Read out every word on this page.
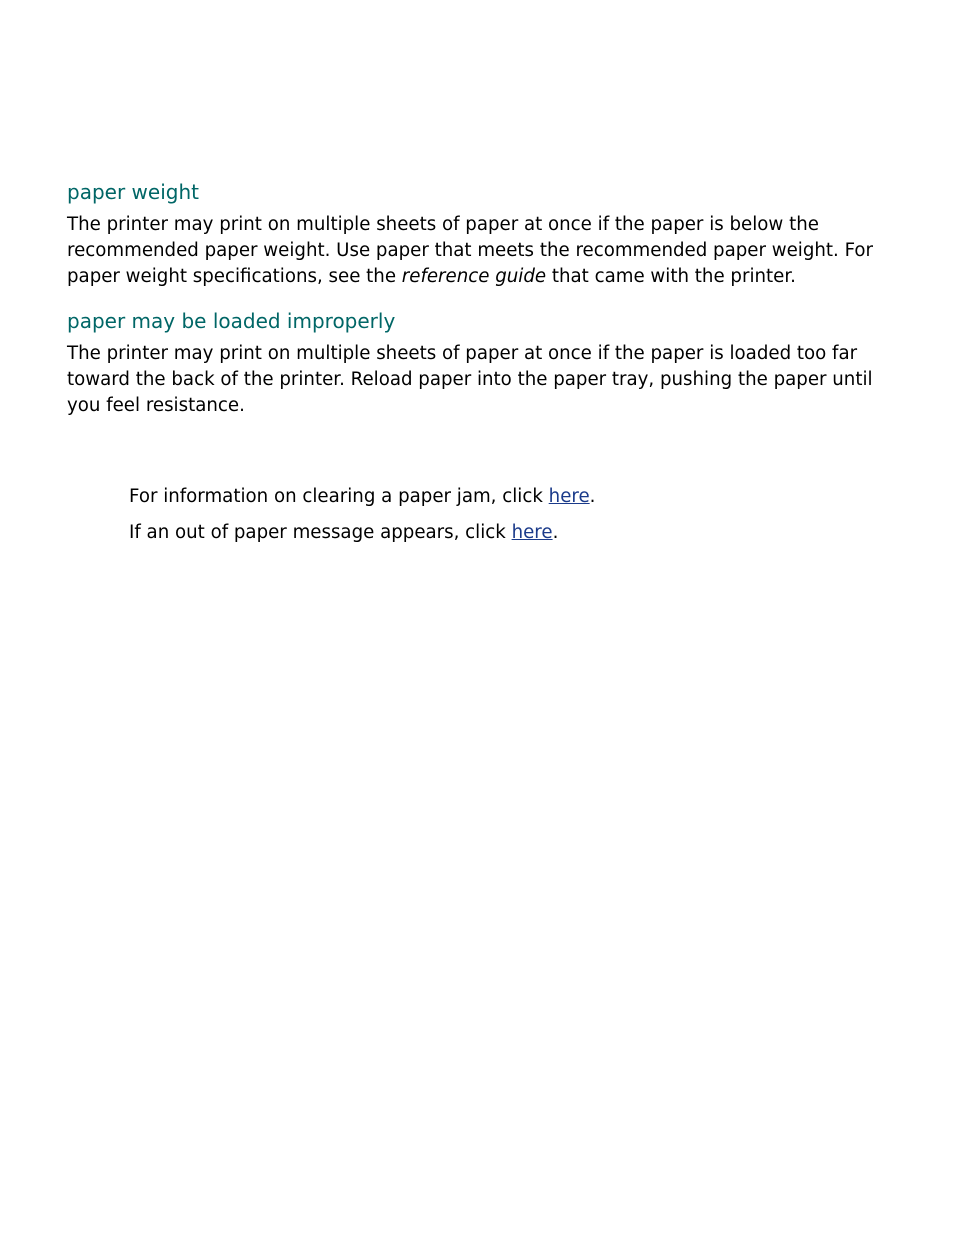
paper weight

The printer may print on multiple sheets of paper at once if the paper is below the recommended paper weight. Use paper that meets the recommended paper weight. For paper weight specifications, see the reference guide that came with the printer.

paper may be loaded improperly

The printer may print on multiple sheets of paper at once if the paper is loaded too far toward the back of the printer. Reload paper into the paper tray, pushing the paper until you feel resistance.

For information on clearing a paper jam, click here.

If an out of paper message appears, click here.
